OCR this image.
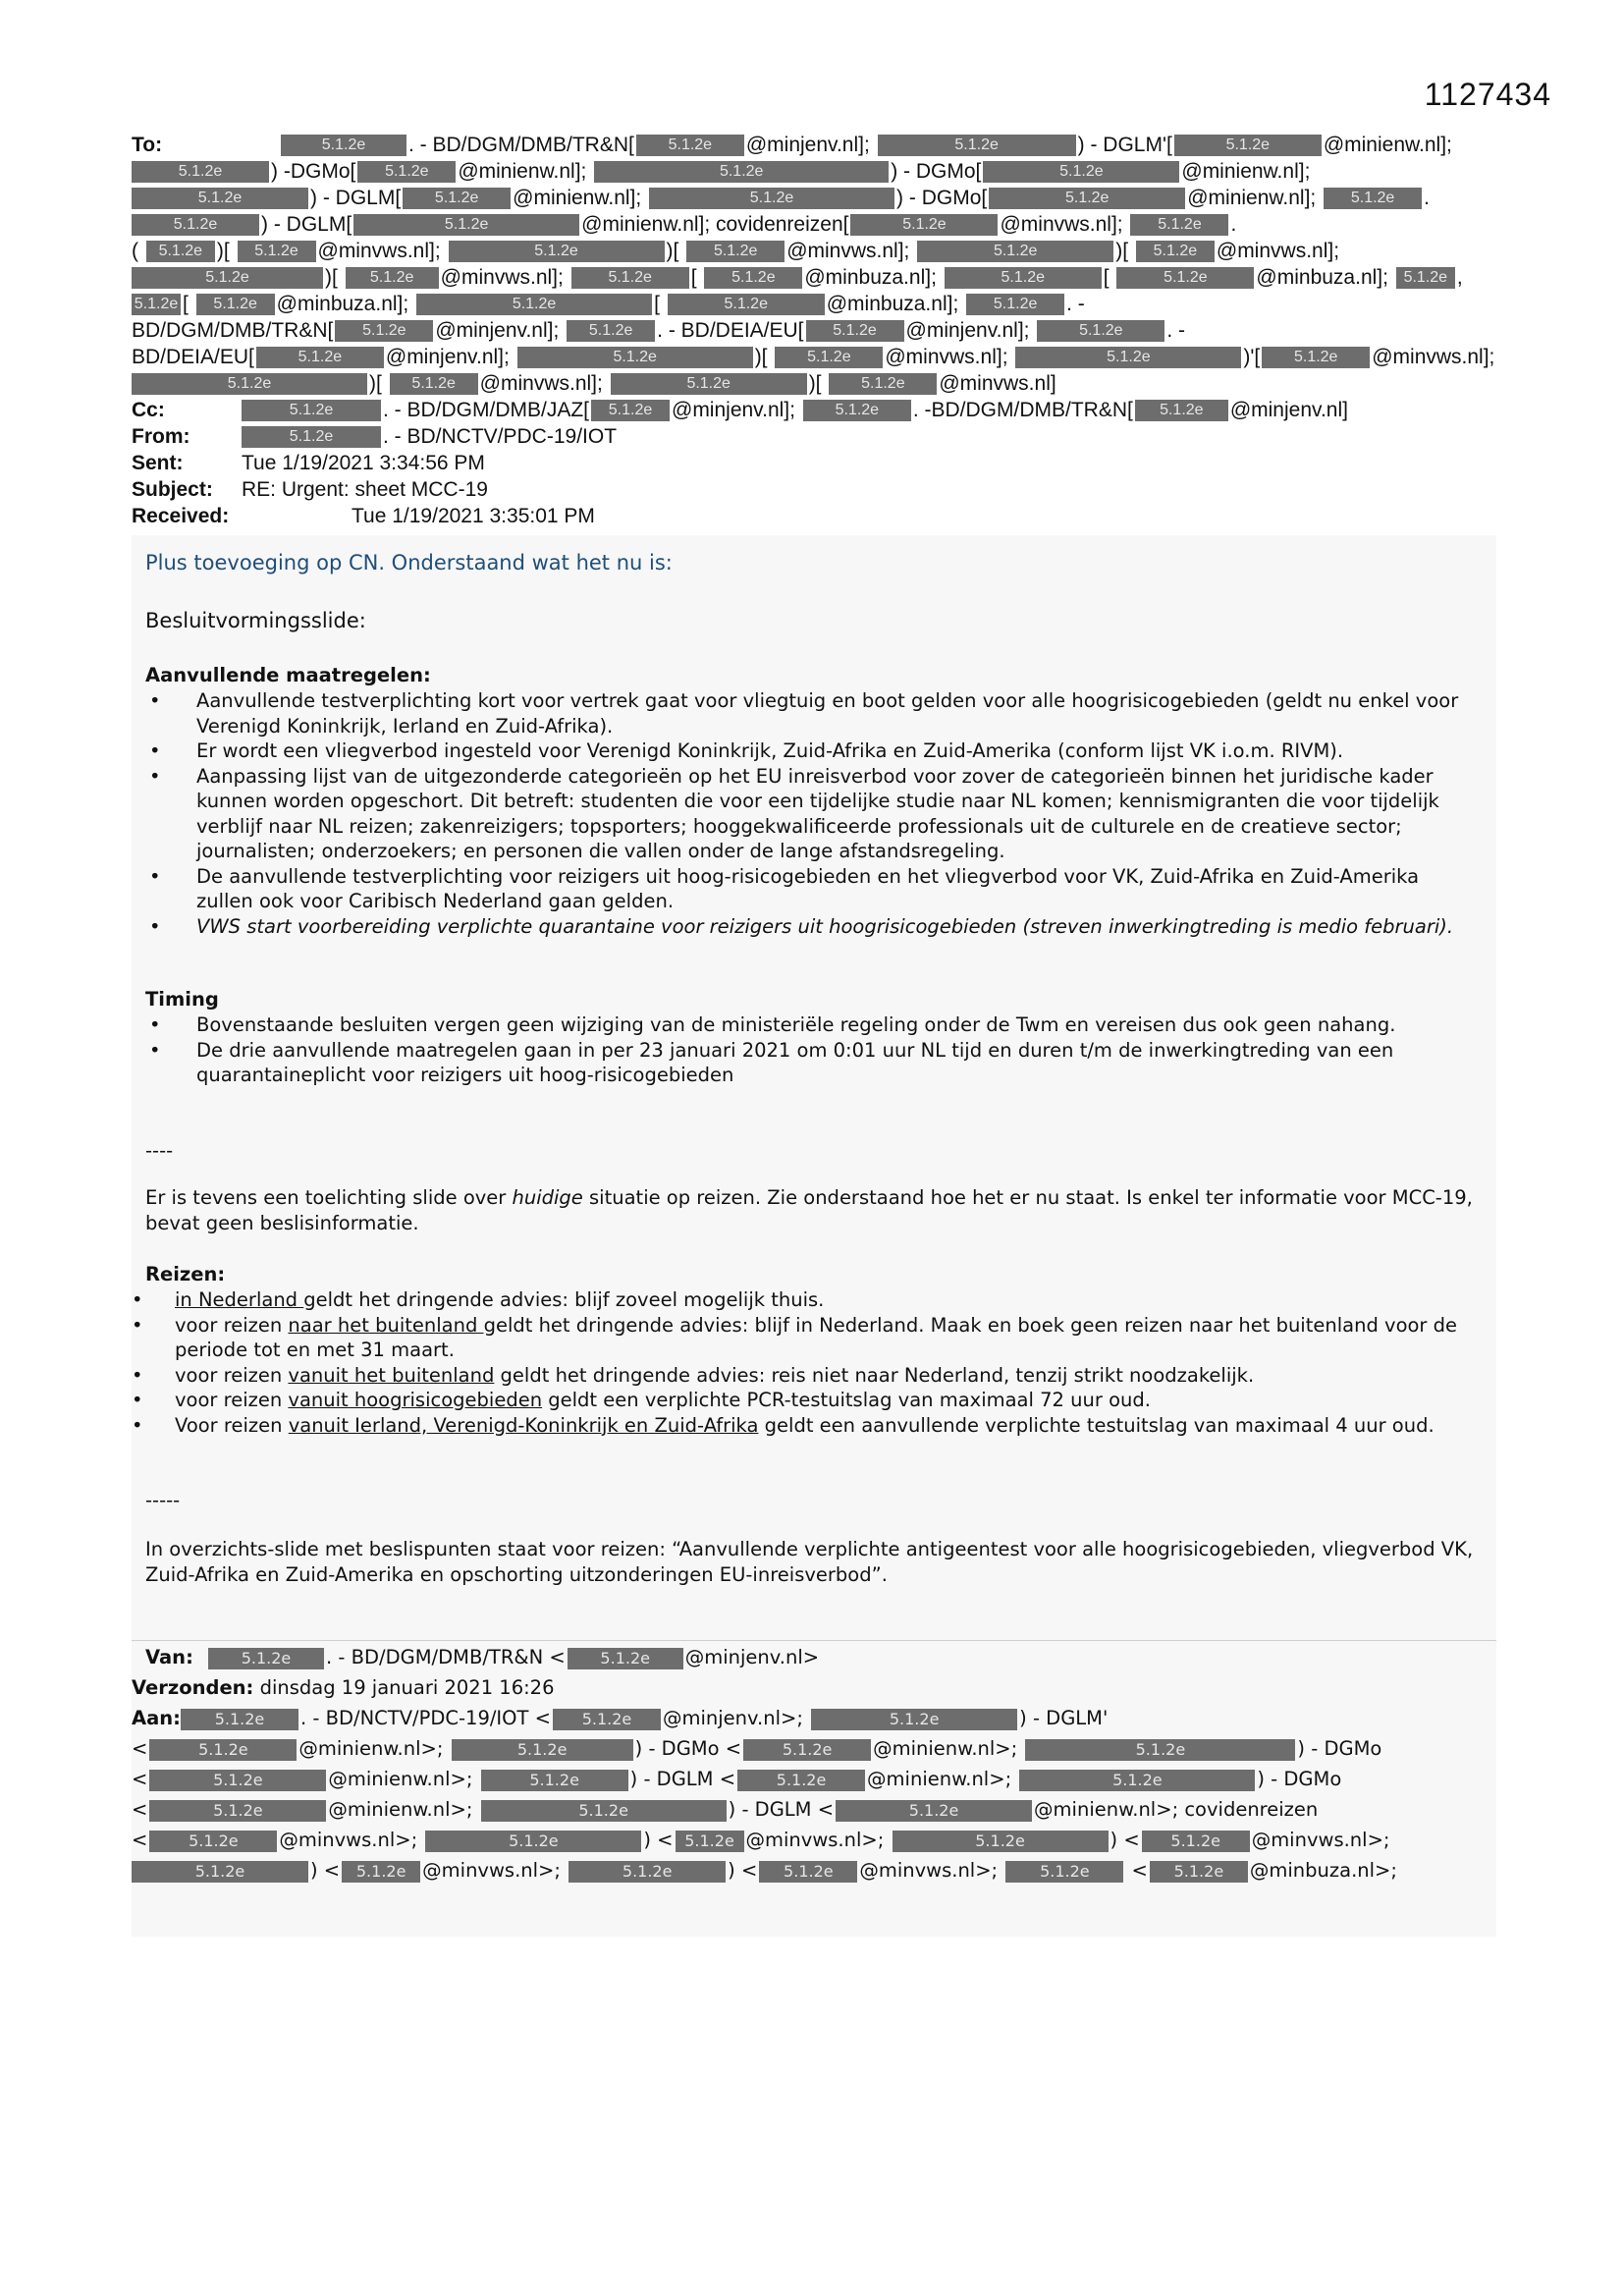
1127434
To:	5.1.2e . - BD/DGM/DMB/TR&N[ 5.1.2e @minjenv.nl];	5.1.2e	) - DGLM'[	5.1.2e	@minienw.nl];
5.1.2e ) -DGMo[ 5.1.2e @minienw.nl];	5.1.2e	) - DGMo[	5.1.2e	@minienw.nl];
5.1.2e	) - DGLM[ 5.1.2e @minienw.nl];	5.1.2e	) - DGMo[	5.1.2e	@minienw.nl]; 5.1.2e .
5.1.2e ) - DGLM[	5.1.2e	@minienw.nl]; covidenreizen[	5.1.2e	@minvws.nl]; 5.1.2e .
( 5.1.2e )[ 5.1.2e @minvws.nl];	5.1.2e	)[ 5.1.2e @minvws.nl];	5.1.2e	)[ 5.1.2e @minvws.nl];
5.1.2e	)[ 5.1.2e @minvws.nl]; 5.1.2e [ 5.1.2e @minbuza.nl];	5.1.2e	[	5.1.2e @minbuza.nl]; 5.1.2e ,
5.1.2e [ 5.1.2e @minbuza.nl];	5.1.2e	[	5.1.2e	@minbuza.nl]; 5.1.2e . -
BD/DGM/DMB/TR&N[ 5.1.2e @minjenv.nl]; 5.1.2e . - BD/DEIA/EU[ 5.1.2e @minjenv.nl];	5.1.2e . -
BD/DEIA/EU[	5.1.2e @minjenv.nl];	5.1.2e	)[ 5.1.2e @minvws.nl];	5.1.2e	)'[ 5.1.2e @minvws.nl];
5.1.2e	)[ 5.1.2e @minvws.nl];	5.1.2e	)[ 5.1.2e @minvws.nl]
Cc:	5.1.2e . - BD/DGM/DMB/JAZ[ 5.1.2e @minjenv.nl];	5.1.2e . -BD/DGM/DMB/TR&N[ 5.1.2e @minjenv.nl]
From:	5.1.2e . - BD/NCTV/PDC-19/IOT
Sent:	Tue 1/19/2021 3:34:56 PM
Subject: RE: Urgent: sheet MCC-19
Received:	Tue 1/19/2021 3:35:01 PM
Plus toevoeging op CN. Onderstaand wat het nu is:
Besluitvormingsslide:
Aanvullende maatregelen:
• Aanvullende testverplichting kort voor vertrek gaat voor vliegtuig en boot gelden voor alle hoogrisicogebieden (geldt nu enkel voor Verenigd Koninkrijk, Ierland en Zuid-Afrika).
• Er wordt een vliegverbod ingesteld voor Verenigd Koninkrijk, Zuid-Afrika en Zuid-Amerika (conform lijst VK i.o.m. RIVM).
• Aanpassing lijst van de uitgezonderde categorieën op het EU inreisverbod voor zover de categorieën binnen het juridische kader kunnen worden opgeschort. Dit betreft: studenten die voor een tijdelijke studie naar NL komen; kennismigranten die voor tijdelijk verblijf naar NL reizen; zakenreizigers; topsporters; hooggekwalificeerde professionals uit de culturele en de creatieve sector; journalisten; onderzoekers; en personen die vallen onder de lange afstandsregeling.
• De aanvullende testverplichting voor reizigers uit hoog-risicogebieden en het vliegverbod voor VK, Zuid-Afrika en Zuid-Amerika zullen ook voor Caribisch Nederland gaan gelden.
• VWS start voorbereiding verplichte quarantaine voor reizigers uit hoogrisicogebieden (streven inwerkingtreding is medio februari).
Timing
• Bovenstaande besluiten vergen geen wijziging van de ministeriële regeling onder de Twm en vereisen dus ook geen nahang.
• De drie aanvullende maatregelen gaan in per 23 januari 2021 om 0:01 uur NL tijd en duren t/m de inwerkingtreding van een quarantaineplicht voor reizigers uit hoog-risicogebieden
----
Er is tevens een toelichting slide over huidige situatie op reizen. Zie onderstaand hoe het er nu staat. Is enkel ter informatie voor MCC-19, bevat geen beslisinformatie.
Reizen:
• in Nederland geldt het dringende advies: blijf zoveel mogelijk thuis.
• voor reizen naar het buitenland geldt het dringende advies: blijf in Nederland. Maak en boek geen reizen naar het buitenland voor de periode tot en met 31 maart.
• voor reizen vanuit het buitenland geldt het dringende advies: reis niet naar Nederland, tenzij strikt noodzakelijk.
• voor reizen vanuit hoogrisicogebieden geldt een verplichte PCR-testuitslag van maximaal 72 uur oud.
• Voor reizen vanuit Ierland, Verenigd-Koninkrijk en Zuid-Afrika geldt een aanvullende verplichte testuitslag van maximaal 4 uur oud.
-----
In overzichts-slide met beslispunten staat voor reizen: “Aanvullende verplichte antigeentest voor alle hoogrisicogebieden, vliegverbod VK, Zuid-Afrika en Zuid-Amerika en opschorting uitzonderingen EU-inreisverbod”.
Van:	5.1.2e . - BD/DGM/DMB/TR&N < 5.1.2e @minjenv.nl>
Verzonden: dinsdag 19 januari 2021 16:26
Aan: 5.1.2e . - BD/NCTV/PDC-19/IOT < 5.1.2e @minjenv.nl>;	5.1.2e	) - DGLM'
<	5.1.2e	@minienw.nl>;	5.1.2e	) - DGMo <	5.1.2e @minienw.nl>;	5.1.2e	) - DGMo
<	5.1.2e	@minienw.nl>;	5.1.2e	) - DGLM <	5.1.2e @minienw.nl>;	5.1.2e	) - DGMo
<	5.1.2e	@minienw.nl>;	5.1.2e	) - DGLM <	5.1.2e	@minienw.nl>; covidenreizen
<	5.1.2e @minvws.nl>;	5.1.2e	) < 5.1.2e @minvws.nl>;	5.1.2e	) < 5.1.2e @minvws.nl>;
5.1.2e	) < 5.1.2e @minvws.nl>;	5.1.2e	) < 5.1.2e @minvws.nl>; 5.1.2e < 5.1.2e @minbuza.nl>;
